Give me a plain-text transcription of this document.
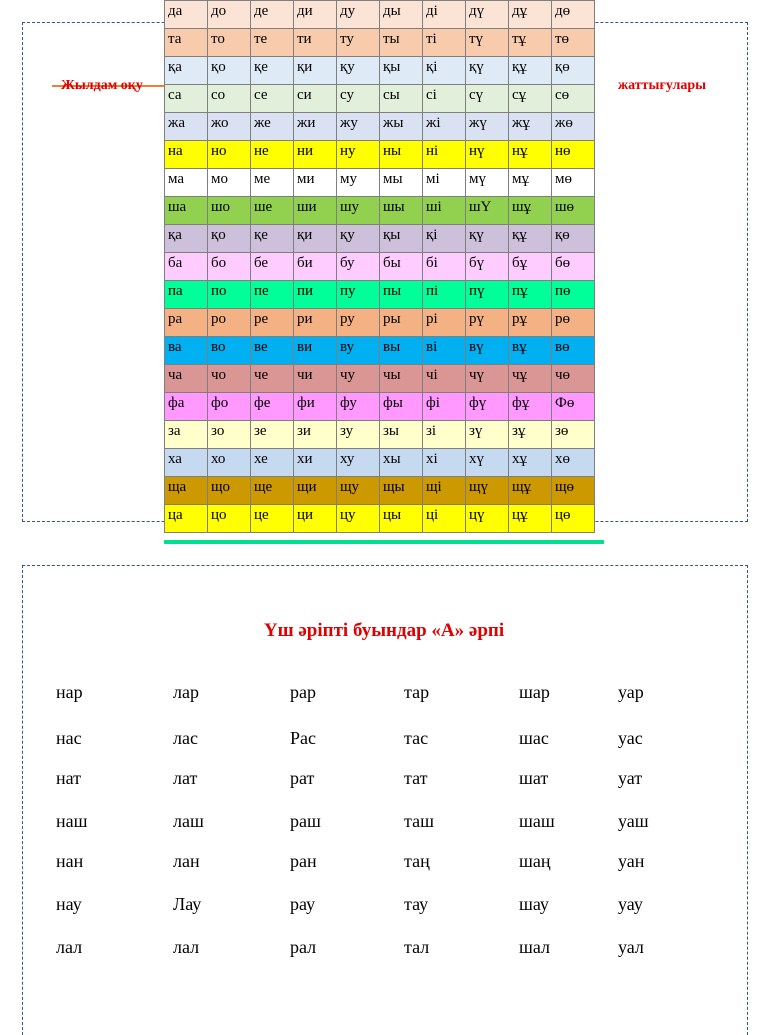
Жылдам оқу	жаттығулары
да	до	де	ди	ду	ды	ді	дү	дұ	дө
та	то	те	ти	ту	ты	ті	тү	тұ	тө
қа	қо	қе	қи	қу	қы	қі	қү	құ	қө
са	со	се	си	су	сы	сі	сү	сұ	сө
жа	жо	же	жи	жу	жы	жі	жү	жұ	жө
на	но	не	ни	ну	ны	ні	нү	нұ	нө
ма	мо	ме	ми	му	мы	мі	мү	мұ	мө
ша	шо	ше	ши	шу	шы	ші	шҮ	шұ	шө
қа	қо	қе	қи	қу	қы	қі	қү	құ	қө
ба	бо	бе	би	бу	бы	бі	бү	бұ	бө
па	по	пе	пи	пу	пы	пі	пү	пұ	пө
ра	ро	ре	ри	ру	ры	рі	рү	рұ	рө
ва	во	ве	ви	ву	вы	ві	вү	вұ	вө
ча	чо	че	чи	чу	чы	чі	чү	чұ	чө
фа	фо	фе	фи	фу	фы	фі	фү	фұ	Фө
за	зо	зе	зи	зу	зы	зі	зү	зұ	зө
ха	хо	хе	хи	ху	хы	хі	хү	хұ	хө
ща	що	ще	щи	щу	щы	щі	щү	щұ	щө
ца	цо	це	ци	цу	цы	ці	цү	цұ	цө
Үш әріпті буындар «А» әрпі
нар	лар	рар	тар	шар	уар
нас	лас	Рас	тас	шас	уас
нат	лат	рат	тат	шат	уат
наш	лаш	раш	таш	шаш	уаш
нан	лан	ран	таң	шаң	уан
нау	Лау	рау	тау	шау	уау
лал	лал	рал	тал	шал	уал
